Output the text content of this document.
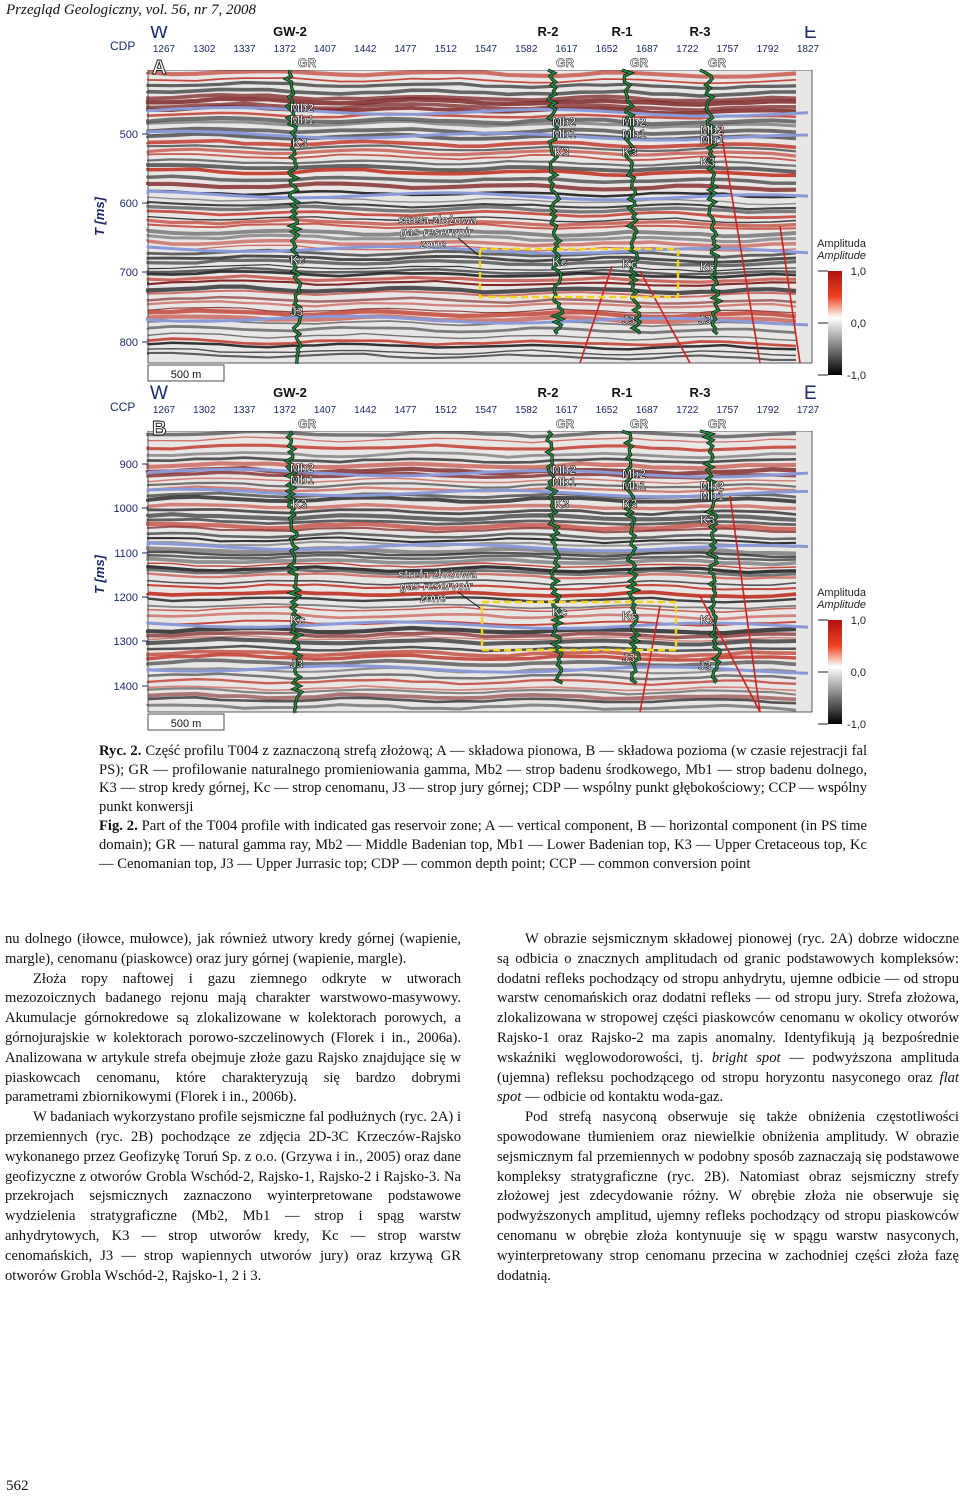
Przegląd Geologiczny, vol. 56, nr 7, 2008
1267 1302 1337 1372 1407 1442 1477 1512 1547 1582 1617 1652 1687 1722 1757 1792 1827
W	E
CDP
A
GW-2
GR
R-2
GR
R-1
GR
R-3
GR
Mb2
Mb1
K3
Mb2
Mb1
K3
Mb2
Mb1
K3
Mb2
Mb1
K3
Kc	Kc	Kc	Kc
J3
J3	J3
strefa złożowa
gas reservoir
zone
T [ms]
500
600
700
800
500 m
Amplituda
Amplitude
1,0
0,0
-1,0
1267 1302 1337 1372 1407 1442 1477 1512 1547 1582 1617 1652 1687 1722 1757 1792 1727
W	E
CCP
B
GW-2
GR
R-2
GR
R-1
GR
R-3
GR
Mb2
Mb1
K3
Mb2
Mb1
K3
Mb2
Mb1
K3
Mb2
Mb1
K3
Kc
Kc	Kc	Kc
J3	J3
J3
strefa złożowa
gas reservoir
zone
T [ms]
900
1000
1100
1200
1300
1400
500 m
Amplituda
Amplitude
1,0
0,0
-1,0

Ryc. 2. Część profilu T004 z zaznaczoną strefą złożową; A — składowa pionowa, B — składowa pozioma (w czasie rejestracji fal PS); GR — profilowanie naturalnego promieniowania gamma, Mb2 — strop badenu środkowego, Mb1 — strop badenu dolnego, K3 — strop kredy górnej, Kc — strop cenomanu, J3 — strop jury górnej; CDP — wspólny punkt głębokościowy; CCP — wspólny punkt konwersji

Fig. 2. Part of the T004 profile with indicated gas reservoir zone; A — vertical component, B — horizontal component (in PS time domain); GR — natural gamma ray, Mb2 — Middle Badenian top, Mb1 — Lower Badenian top, K3 — Upper Cretaceous top, Kc — Cenomanian top, J3 — Upper Jurrasic top; CDP — common depth point; CCP — common conversion point

nu dolnego (iłowce, mułowce), jak również utwory kredy górnej (wapienie, margle), cenomanu (piaskowce) oraz jury górnej (wapienie, margle).

Złoża ropy naftowej i gazu ziemnego odkryte w utworach mezozoicznych badanego rejonu mają charakter warstwowo-masywowy. Akumulacje górnokredowe są zlokalizowane w kolektorach porowych, a górnojurajskie w kolektorach porowo-szczelinowych (Florek i in., 2006a). Analizowana w artykule strefa obejmuje złoże gazu Rajsko znajdujące się w piaskowcach cenomanu, które charakteryzują się bardzo dobrymi parametrami zbiornikowymi (Florek i in., 2006b).

W badaniach wykorzystano profile sejsmiczne fal podłużnych (ryc. 2A) i przemiennych (ryc. 2B) pochodzące ze zdjęcia 2D-3C Krzeczów-Rajsko wykonanego przez Geofizykę Toruń Sp. z o.o. (Grzywa i in., 2005) oraz dane geofizyczne z otworów Grobla Wschód-2, Rajsko-1, Rajsko-2 i Rajsko-3. Na przekrojach sejsmicznych zaznaczono wyinterpretowane podstawowe wydzielenia stratygraficzne (Mb2, Mb1 — strop i spąg warstw anhydrytowych, K3 — strop utworów kredy, Kc — strop warstw cenomańskich, J3 — strop wapiennych utworów jury) oraz krzywą GR otworów Grobla Wschód-2, Rajsko-1, 2 i 3.

W obrazie sejsmicznym składowej pionowej (ryc. 2A) dobrze widoczne są odbicia o znacznych amplitudach od granic podstawowych kompleksów: dodatni refleks pochodzący od stropu anhydrytu, ujemne odbicie — od stropu warstw cenomańskich oraz dodatni refleks — od stropu jury. Strefa złożowa, zlokalizowana w stropowej części piaskowców cenomanu w okolicy otworów Rajsko-1 oraz Rajsko-2 ma zapis anomalny. Identyfikują ją bezpośrednie wskaźniki węglowodorowości, tj. bright spot — podwyższona amplituda (ujemna) refleksu pochodzącego od stropu horyzontu nasyconego oraz flat spot — odbicie od kontaktu woda-gaz.

Pod strefą nasyconą obserwuje się także obniżenia częstotliwości spowodowane tłumieniem oraz niewielkie obniżenia amplitudy. W obrazie sejsmicznym fal przemiennych w podobny sposób zaznaczają się podstawowe kompleksy stratygraficzne (ryc. 2B). Natomiast obraz sejsmiczny strefy złożowej jest zdecydowanie różny. W obrębie złoża nie obserwuje się podwyższonych amplitud, ujemny refleks pochodzący od stropu piaskowców cenomanu w obrębie złoża kontynuuje się w spągu warstw nasyconych, wyinterpretowany strop cenomanu przecina w zachodniej części złoża fazę dodatnią.

562
